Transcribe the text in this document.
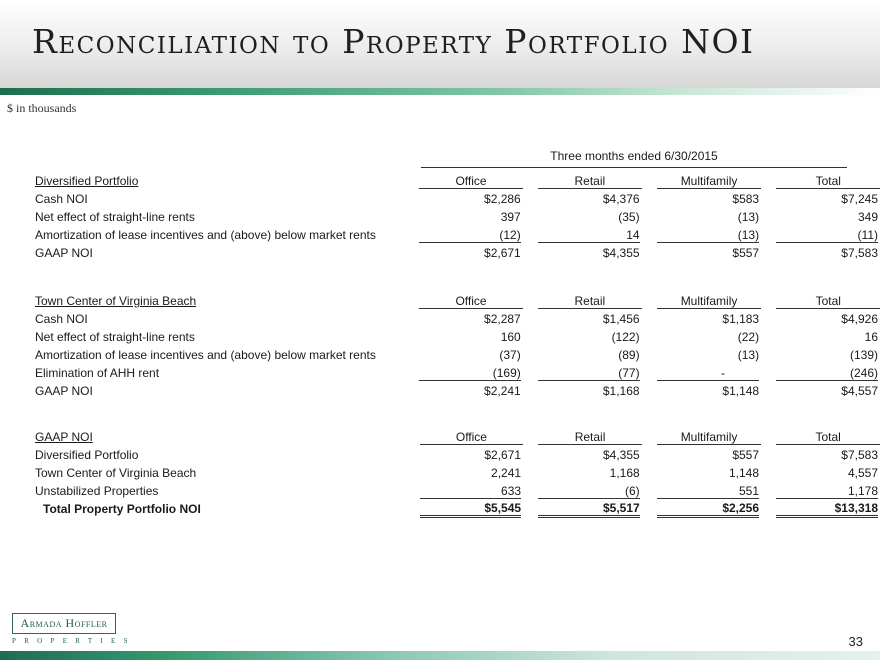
Reconciliation to Property Portfolio NOI
$ in thousands
Three months ended 6/30/2015
Diversified Portfolio	Office		Retail		Multifamily		Total

Cash NOI	$2,286		$4,376		$583		$7,245
Net effect of straight-line rents	397		(35)		(13)		349
Amortization of lease incentives and (above) below market rents	(12)		14		(13)		(11)

GAAP NOI	$2,671		$4,355		$557		$7,583
Town Center of Virginia Beach	Office		Retail		Multifamily		Total

Cash NOI	$2,287		$1,456		$1,183		$4,926
Net effect of straight-line rents	160		(122)		(22)		16
Amortization of lease incentives and (above) below market rents	(37)		(89)		(13)		(139)
Elimination of AHH rent	(169)		(77)		-		(246)

GAAP NOI	$2,241		$1,168		$1,148		$4,557
GAAP NOI	Office		Retail		Multifamily		Total

Diversified Portfolio	$2,671		$4,355		$557		$7,583
Town Center of Virginia Beach	2,241		1,168		1,148		4,557
Unstabilized Properties	633		(6)		551		1,178

Total Property Portfolio NOI	$5,545		$5,517		$2,256		$13,318
Armada Hoffler
PROPERTIES	33
